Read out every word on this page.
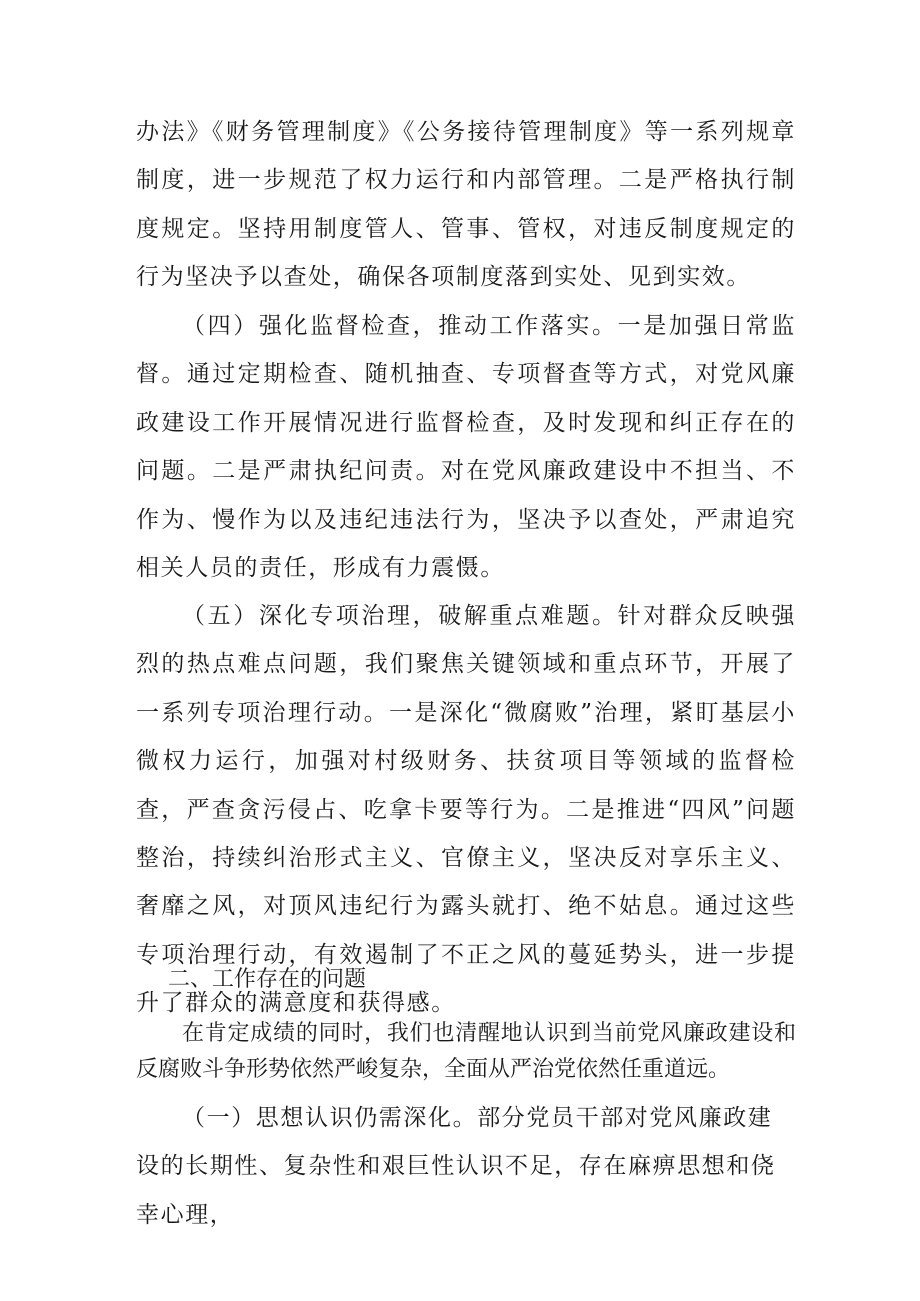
办法》《财务管理制度》《公务接待管理制度》等一系列规章制度，进一步规范了权力运行和内部管理。二是严格执行制度规定。坚持用制度管人、管事、管权，对违反制度规定的行为坚决予以查处，确保各项制度落到实处、见到实效。

（四）强化监督检查，推动工作落实。一是加强日常监督。通过定期检查、随机抽查、专项督查等方式，对党风廉政建设工作开展情况进行监督检查，及时发现和纠正存在的问题。二是严肃执纪问责。对在党风廉政建设中不担当、不作为、慢作为以及违纪违法行为，坚决予以查处，严肃追究相关人员的责任，形成有力震慑。

（五）深化专项治理，破解重点难题。针对群众反映强烈的热点难点问题，我们聚焦关键领域和重点环节，开展了一系列专项治理行动。一是深化“微腐败”治理，紧盯基层小微权力运行，加强对村级财务、扶贫项目等领域的监督检查，严查贪污侵占、吃拿卡要等行为。二是推进“四风”问题整治，持续纠治形式主义、官僚主义，坚决反对享乐主义、奢靡之风，对顶风违纪行为露头就打、绝不姑息。通过这些专项治理行动，有效遏制了不正之风的蔓延势头，进一步提升了群众的满意度和获得感。

二、工作存在的问题

在肯定成绩的同时，我们也清醒地认识到当前党风廉政建设和反腐败斗争形势依然严峻复杂，全面从严治党依然任重道远。

（一）思想认识仍需深化。部分党员干部对党风廉政建设的长期性、复杂性和艰巨性认识不足，存在麻痹思想和侥幸心理，
